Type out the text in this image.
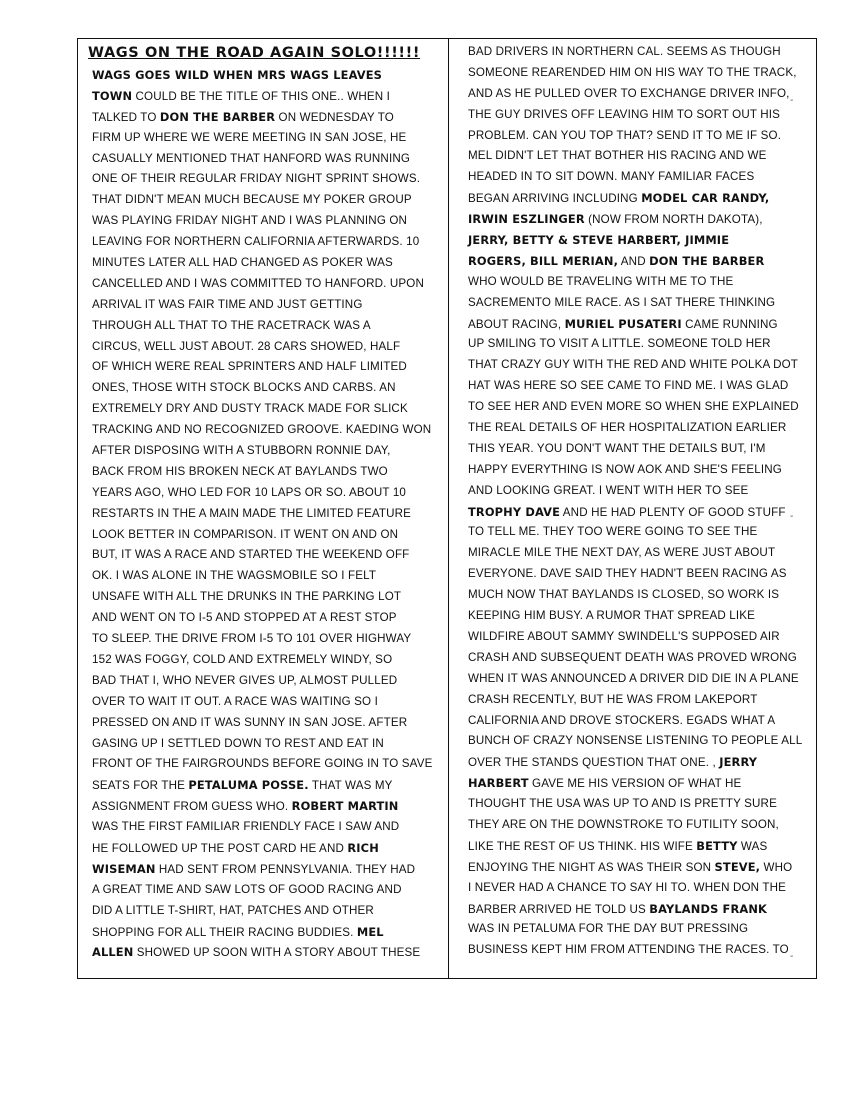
WAGS ON THE ROAD AGAIN SOLO!!!!!!
WAGS GOES WILD WHEN MRS WAGS LEAVES
TOWN COULD BE THE TITLE OF THIS ONE.. WHEN I
TALKED TO DON THE BARBER ON WEDNESDAY TO
FIRM UP WHERE WE WERE MEETING IN SAN JOSE, HE
CASUALLY MENTIONED THAT HANFORD WAS RUNNING
ONE OF THEIR REGULAR FRIDAY NIGHT SPRINT SHOWS.
THAT DIDN'T MEAN MUCH BECAUSE MY POKER GROUP
WAS PLAYING FRIDAY NIGHT AND I WAS PLANNING ON
LEAVING FOR NORTHERN CALIFORNIA AFTERWARDS. 10
MINUTES LATER ALL HAD CHANGED AS POKER WAS
CANCELLED AND I WAS COMMITTED TO HANFORD. UPON
ARRIVAL IT WAS FAIR TIME AND JUST GETTING
THROUGH ALL THAT TO THE RACETRACK WAS A
CIRCUS, WELL JUST ABOUT. 28 CARS SHOWED, HALF
OF WHICH WERE REAL SPRINTERS AND HALF LIMITED
ONES, THOSE WITH STOCK BLOCKS AND CARBS. AN
EXTREMELY DRY AND DUSTY TRACK MADE FOR SLICK
TRACKING AND NO RECOGNIZED GROOVE. KAEDING WON
AFTER DISPOSING WITH A STUBBORN RONNIE DAY,
BACK FROM HIS BROKEN NECK AT BAYLANDS TWO
YEARS AGO, WHO LED FOR 10 LAPS OR SO. ABOUT 10
RESTARTS IN THE A MAIN MADE THE LIMITED FEATURE
LOOK BETTER IN COMPARISON. IT WENT ON AND ON
BUT, IT WAS A RACE AND STARTED THE WEEKEND OFF
OK. I WAS ALONE IN THE WAGSMOBILE SO I FELT
UNSAFE WITH ALL THE DRUNKS IN THE PARKING LOT
AND WENT ON TO I-5 AND STOPPED AT A REST STOP
TO SLEEP. THE DRIVE FROM I-5 TO 101 OVER HIGHWAY
152 WAS FOGGY, COLD AND EXTREMELY WINDY, SO
BAD THAT I, WHO NEVER GIVES UP, ALMOST PULLED
OVER TO WAIT IT OUT. A RACE WAS WAITING SO I
PRESSED ON AND IT WAS SUNNY IN SAN JOSE. AFTER
GASING UP I SETTLED DOWN TO REST AND EAT IN
FRONT OF THE FAIRGROUNDS BEFORE GOING IN TO SAVE
SEATS FOR THE PETALUMA POSSE. THAT WAS MY
ASSIGNMENT FROM GUESS WHO. ROBERT MARTIN
WAS THE FIRST FAMILIAR FRIENDLY FACE I SAW AND
HE FOLLOWED UP THE POST CARD HE AND RICH
WISEMAN HAD SENT FROM PENNSYLVANIA. THEY HAD
A GREAT TIME AND SAW LOTS OF GOOD RACING AND
DID A LITTLE T-SHIRT, HAT, PATCHES AND OTHER
SHOPPING FOR ALL THEIR RACING BUDDIES. MEL
ALLEN SHOWED UP SOON WITH A STORY ABOUT THESE
BAD DRIVERS IN NORTHERN CAL. SEEMS AS THOUGH
SOMEONE REARENDED HIM ON HIS WAY TO THE TRACK,
AND AS HE PULLED OVER TO EXCHANGE DRIVER INFO,
THE GUY DRIVES OFF LEAVING HIM TO SORT OUT HIS
PROBLEM. CAN YOU TOP THAT? SEND IT TO ME IF SO.
MEL DIDN'T LET THAT BOTHER HIS RACING AND WE
HEADED IN TO SIT DOWN. MANY FAMILIAR FACES
BEGAN ARRIVING INCLUDING MODEL CAR RANDY,
IRWIN ESZLINGER (NOW FROM NORTH DAKOTA),
JERRY, BETTY & STEVE HARBERT, JIMMIE
ROGERS, BILL MERIAN, AND DON THE BARBER
WHO WOULD BE TRAVELING WITH ME TO THE
SACREMENTO MILE RACE. AS I SAT THERE THINKING
ABOUT RACING, MURIEL PUSATERI CAME RUNNING
UP SMILING TO VISIT A LITTLE. SOMEONE TOLD HER
THAT CRAZY GUY WITH THE RED AND WHITE POLKA DOT
HAT WAS HERE SO SEE CAME TO FIND ME. I WAS GLAD
TO SEE HER AND EVEN MORE SO WHEN SHE EXPLAINED
THE REAL DETAILS OF HER HOSPITALIZATION EARLIER
THIS YEAR. YOU DON'T WANT THE DETAILS BUT, I'M
HAPPY EVERYTHING IS NOW AOK AND SHE'S FEELING
AND LOOKING GREAT. I WENT WITH HER TO SEE
TROPHY DAVE AND HE HAD PLENTY OF GOOD STUFF
TO TELL ME. THEY TOO WERE GOING TO SEE THE
MIRACLE MILE THE NEXT DAY, AS WERE JUST ABOUT
EVERYONE. DAVE SAID THEY HADN'T BEEN RACING AS
MUCH NOW THAT BAYLANDS IS CLOSED, SO WORK IS
KEEPING HIM BUSY. A RUMOR THAT SPREAD LIKE
WILDFIRE ABOUT SAMMY SWINDELL'S SUPPOSED AIR
CRASH AND SUBSEQUENT DEATH WAS PROVED WRONG
WHEN IT WAS ANNOUNCED A DRIVER DID DIE IN A PLANE
CRASH RECENTLY, BUT HE WAS FROM LAKEPORT
CALIFORNIA AND DROVE STOCKERS. EGADS WHAT A
BUNCH OF CRAZY NONSENSE LISTENING TO PEOPLE ALL
OVER THE STANDS QUESTION THAT ONE. , JERRY
HARBERT GAVE ME HIS VERSION OF WHAT HE
THOUGHT THE USA WAS UP TO AND IS PRETTY SURE
THEY ARE ON THE DOWNSTROKE TO FUTILITY SOON,
LIKE THE REST OF US THINK. HIS WIFE BETTY WAS
ENJOYING THE NIGHT AS WAS THEIR SON STEVE, WHO
I NEVER HAD A CHANCE TO SAY HI TO. WHEN DON THE
BARBER ARRIVED HE TOLD US BAYLANDS FRANK
WAS IN PETALUMA FOR THE DAY BUT PRESSING
BUSINESS KEPT HIM FROM ATTENDING THE RACES. TO
-
-
-
